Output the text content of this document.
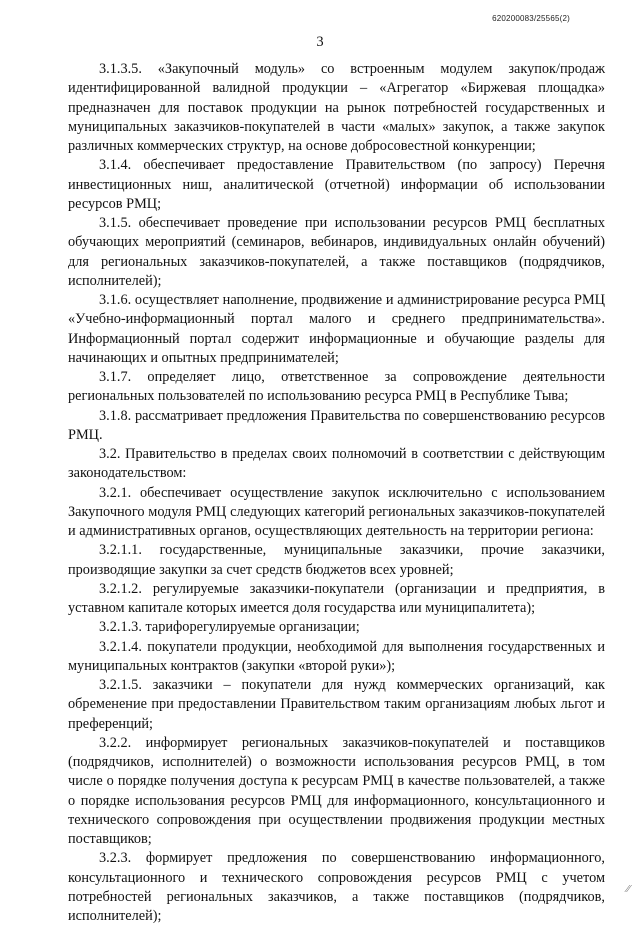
620200083/25565(2)
3

3.1.3.5. «Закупочный модуль» со встроенным модулем закупок/продаж идентифицированной валидной продукции – «Агрегатор «Биржевая площадка» предназначен для поставок продукции на рынок потребностей государственных и муниципальных заказчиков-покупателей в части «малых» закупок, а также закупок различных коммерческих структур, на основе добросовестной конкуренции;

3.1.4. обеспечивает предоставление Правительством (по запросу) Перечня инвестиционных ниш, аналитической (отчетной) информации об использовании ресурсов РМЦ;

3.1.5. обеспечивает проведение при использовании ресурсов РМЦ бесплатных обучающих мероприятий (семинаров, вебинаров, индивидуальных онлайн обучений) для региональных заказчиков-покупателей, а также поставщиков (подрядчиков, исполнителей);

3.1.6. осуществляет наполнение, продвижение и администрирование ресурса РМЦ «Учебно-информационный портал малого и среднего предпринимательства». Информационный портал содержит информационные и обучающие разделы для начинающих и опытных предпринимателей;

3.1.7. определяет лицо, ответственное за сопровождение деятельности региональных пользователей по использованию ресурса РМЦ в Республике Тыва;

3.1.8. рассматривает предложения Правительства по совершенствованию ресурсов РМЦ.

3.2. Правительство в пределах своих полномочий в соответствии с действующим законодательством:

3.2.1. обеспечивает осуществление закупок исключительно с использованием Закупочного модуля РМЦ следующих категорий региональных заказчиков-покупателей и административных органов, осуществляющих деятельность на территории региона:

3.2.1.1. государственные, муниципальные заказчики, прочие заказчики, производящие закупки за счет средств бюджетов всех уровней;

3.2.1.2. регулируемые заказчики-покупатели (организации и предприятия, в уставном капитале которых имеется доля государства или муниципалитета);

3.2.1.3. тарифорегулируемые организации;

3.2.1.4. покупатели продукции, необходимой для выполнения государственных и муниципальных контрактов (закупки «второй руки»);

3.2.1.5. заказчики – покупатели для нужд коммерческих организаций, как обременение при предоставлении Правительством таким организациям любых льгот и преференций;

3.2.2. информирует региональных заказчиков-покупателей и поставщиков (подрядчиков, исполнителей) о возможности использования ресурсов РМЦ, в том числе о порядке получения доступа к ресурсам РМЦ в качестве пользователей, а также о порядке использования ресурсов РМЦ для информационного, консультационного и технического сопровождения при осуществлении продвижения продукции местных поставщиков;

3.2.3. формирует предложения по совершенствованию информационного, консультационного и технического сопровождения ресурсов РМЦ с учетом потребностей региональных заказчиков, а также поставщиков (подрядчиков, исполнителей);

⁄⁄
